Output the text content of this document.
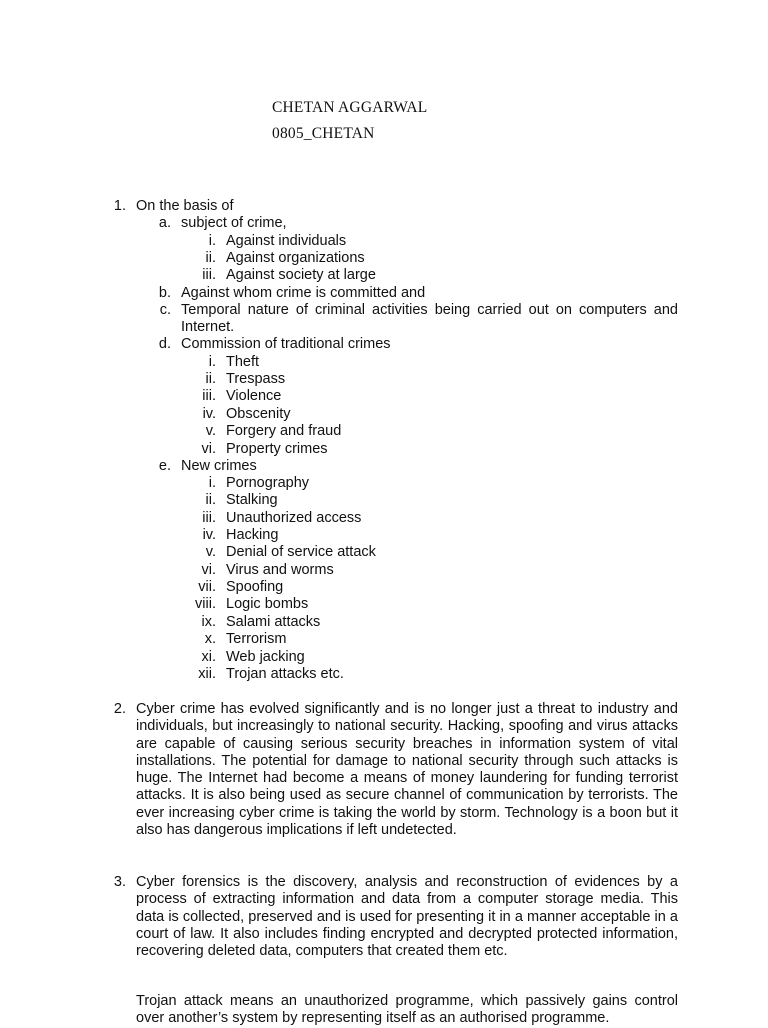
CHETAN AGGARWAL
0805_CHETAN
1. On the basis of
a. subject of crime,
i. Against individuals
ii. Against organizations
iii. Against society at large
b. Against whom crime is committed and
c. Temporal nature of criminal activities being carried out on computers and
Internet.
d. Commission of traditional crimes
i. Theft
ii. Trespass
iii. Violence
iv. Obscenity
v. Forgery and fraud
vi. Property crimes
e. New crimes
i. Pornography
ii. Stalking
iii. Unauthorized access
iv. Hacking
v. Denial of service attack
vi. Virus and worms
vii. Spoofing
viii. Logic bombs
ix. Salami attacks
x. Terrorism
xi. Web jacking
xii. Trojan attacks etc.
2. Cyber crime has evolved significantly and is no longer just a threat to industry and individuals, but increasingly to national security. Hacking, spoofing and virus attacks are capable of causing serious security breaches in information system of vital installations. The potential for damage to national security through such attacks is huge. The Internet had become a means of money laundering for funding terrorist attacks. It is also being used as secure channel of communication by terrorists. The ever increasing cyber crime is taking the world by storm. Technology is a boon but it also has dangerous implications if left undetected.
3. Cyber forensics is the discovery, analysis and reconstruction of evidences by a process of extracting information and data from a computer storage media. This data is collected, preserved and is used for presenting it in a manner acceptable in a court of law. It also includes finding encrypted and decrypted protected information, recovering deleted data, computers that created them etc.
Trojan attack means an unauthorized programme, which passively gains control over another’s system by representing itself as an authorised programme.
